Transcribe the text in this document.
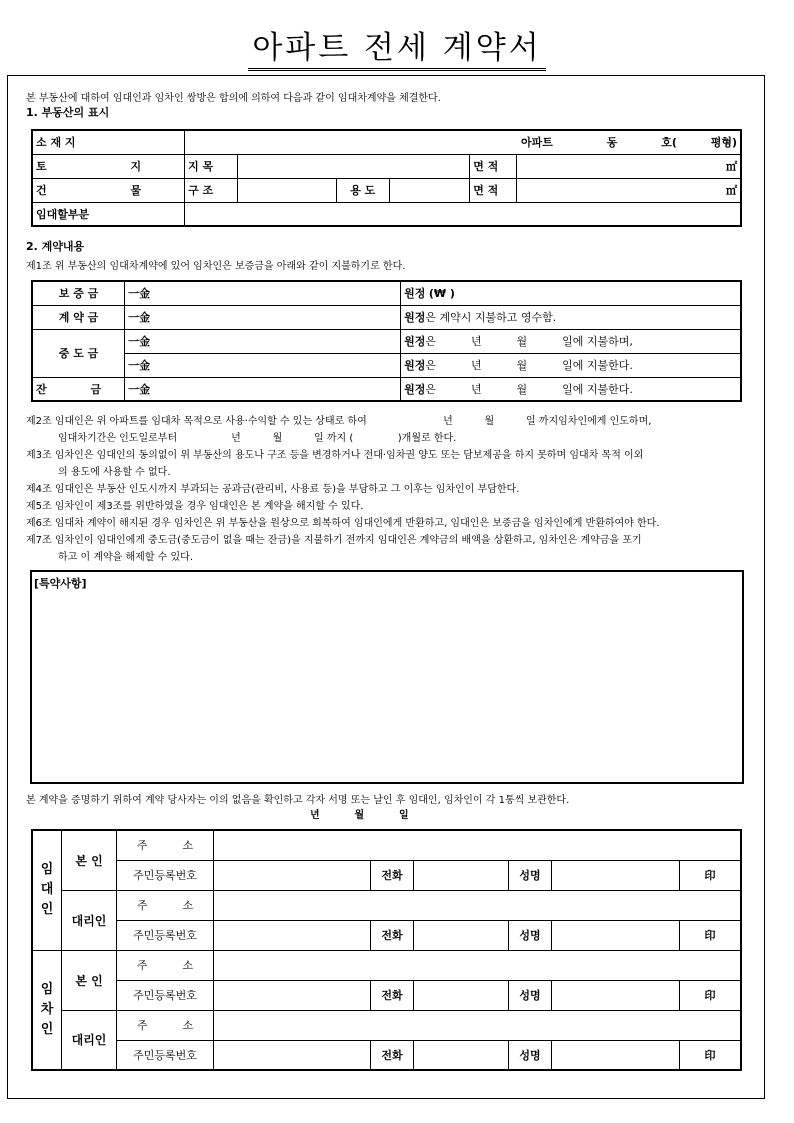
아파트 전세 계약서
본 부동산에 대하여 임대인과 임차인 쌍방은 합의에 의하여 다음과 같이 임대차계약을 체결한다.
1. 부동산의 표시
소 재 지						아파트 동 호( 평형)
토 지	지 목				면 적	㎡
건 물	구 조		용 도		면 적	㎡
임대할부분						
2. 계약내용
제1조 위 부동산의 임대차계약에 있어 임차인은 보증금을 아래와 같이 지불하기로 한다.
보 증 금	一金	원정 (₩ )
계 약 금	一金	원정은 계약시 지불하고 영수함.
중 도 금	一金	원정은          년          월          일에 지불하며,
	一金	원정은          년          월          일에 지불한다.
잔 금	一金	원정은          년          월          일에 지불한다.
제2조 임대인은 위 아파트를 임대차 목적으로 사용·수익할 수 있는 상태로 하여                        년          월          일 까지임차인에게 인도하며,
임대차기간은 인도일로부터                 년          월          일 까지 (              )개월로 한다.
제3조 임차인은 임대인의 동의없이 위 부동산의 용도나 구조 등을 변경하거나 전대·임차권 양도 또는 담보제공을 하지 못하며 임대차 목적 이외
의 용도에 사용할 수 없다.
제4조 임대인은 부동산 인도시까지 부과되는 공과금(관리비, 사용료 등)을 부담하고 그 이후는 임차인이 부담한다.
제5조 임차인이 제3조를 위반하였을 경우 임대인은 본 계약을 해지할 수 있다.
제6조 임대차 계약이 해지된 경우 임차인은 위 부동산을 원상으로 회복하여 임대인에게 반환하고, 임대인은 보증금을 임차인에게 반환하여야 한다.
제7조 임차인이 임대인에게 중도금(중도금이 없을 때는 잔금)을 지불하기 전까지 임대인은 계약금의 배액을 상환하고, 임차인은 계약금을 포기
하고 이 계약을 해제할 수 있다.
[특약사항]
본 계약을 증명하기 위하여 계약 당사자는 이의 없음을 확인하고 각자 서명 또는 날인 후 임대인, 임차인이 각 1통씩 보관한다.
년          월          일
임
대
인	본 인	주          소						
		주민등록번호		전화		성명		印
	대리인	주          소						
		주민등록번호		전화		성명		印
임
차
인	본 인	주          소						
		주민등록번호		전화		성명		印
	대리인	주          소						
		주민등록번호		전화		성명		印
